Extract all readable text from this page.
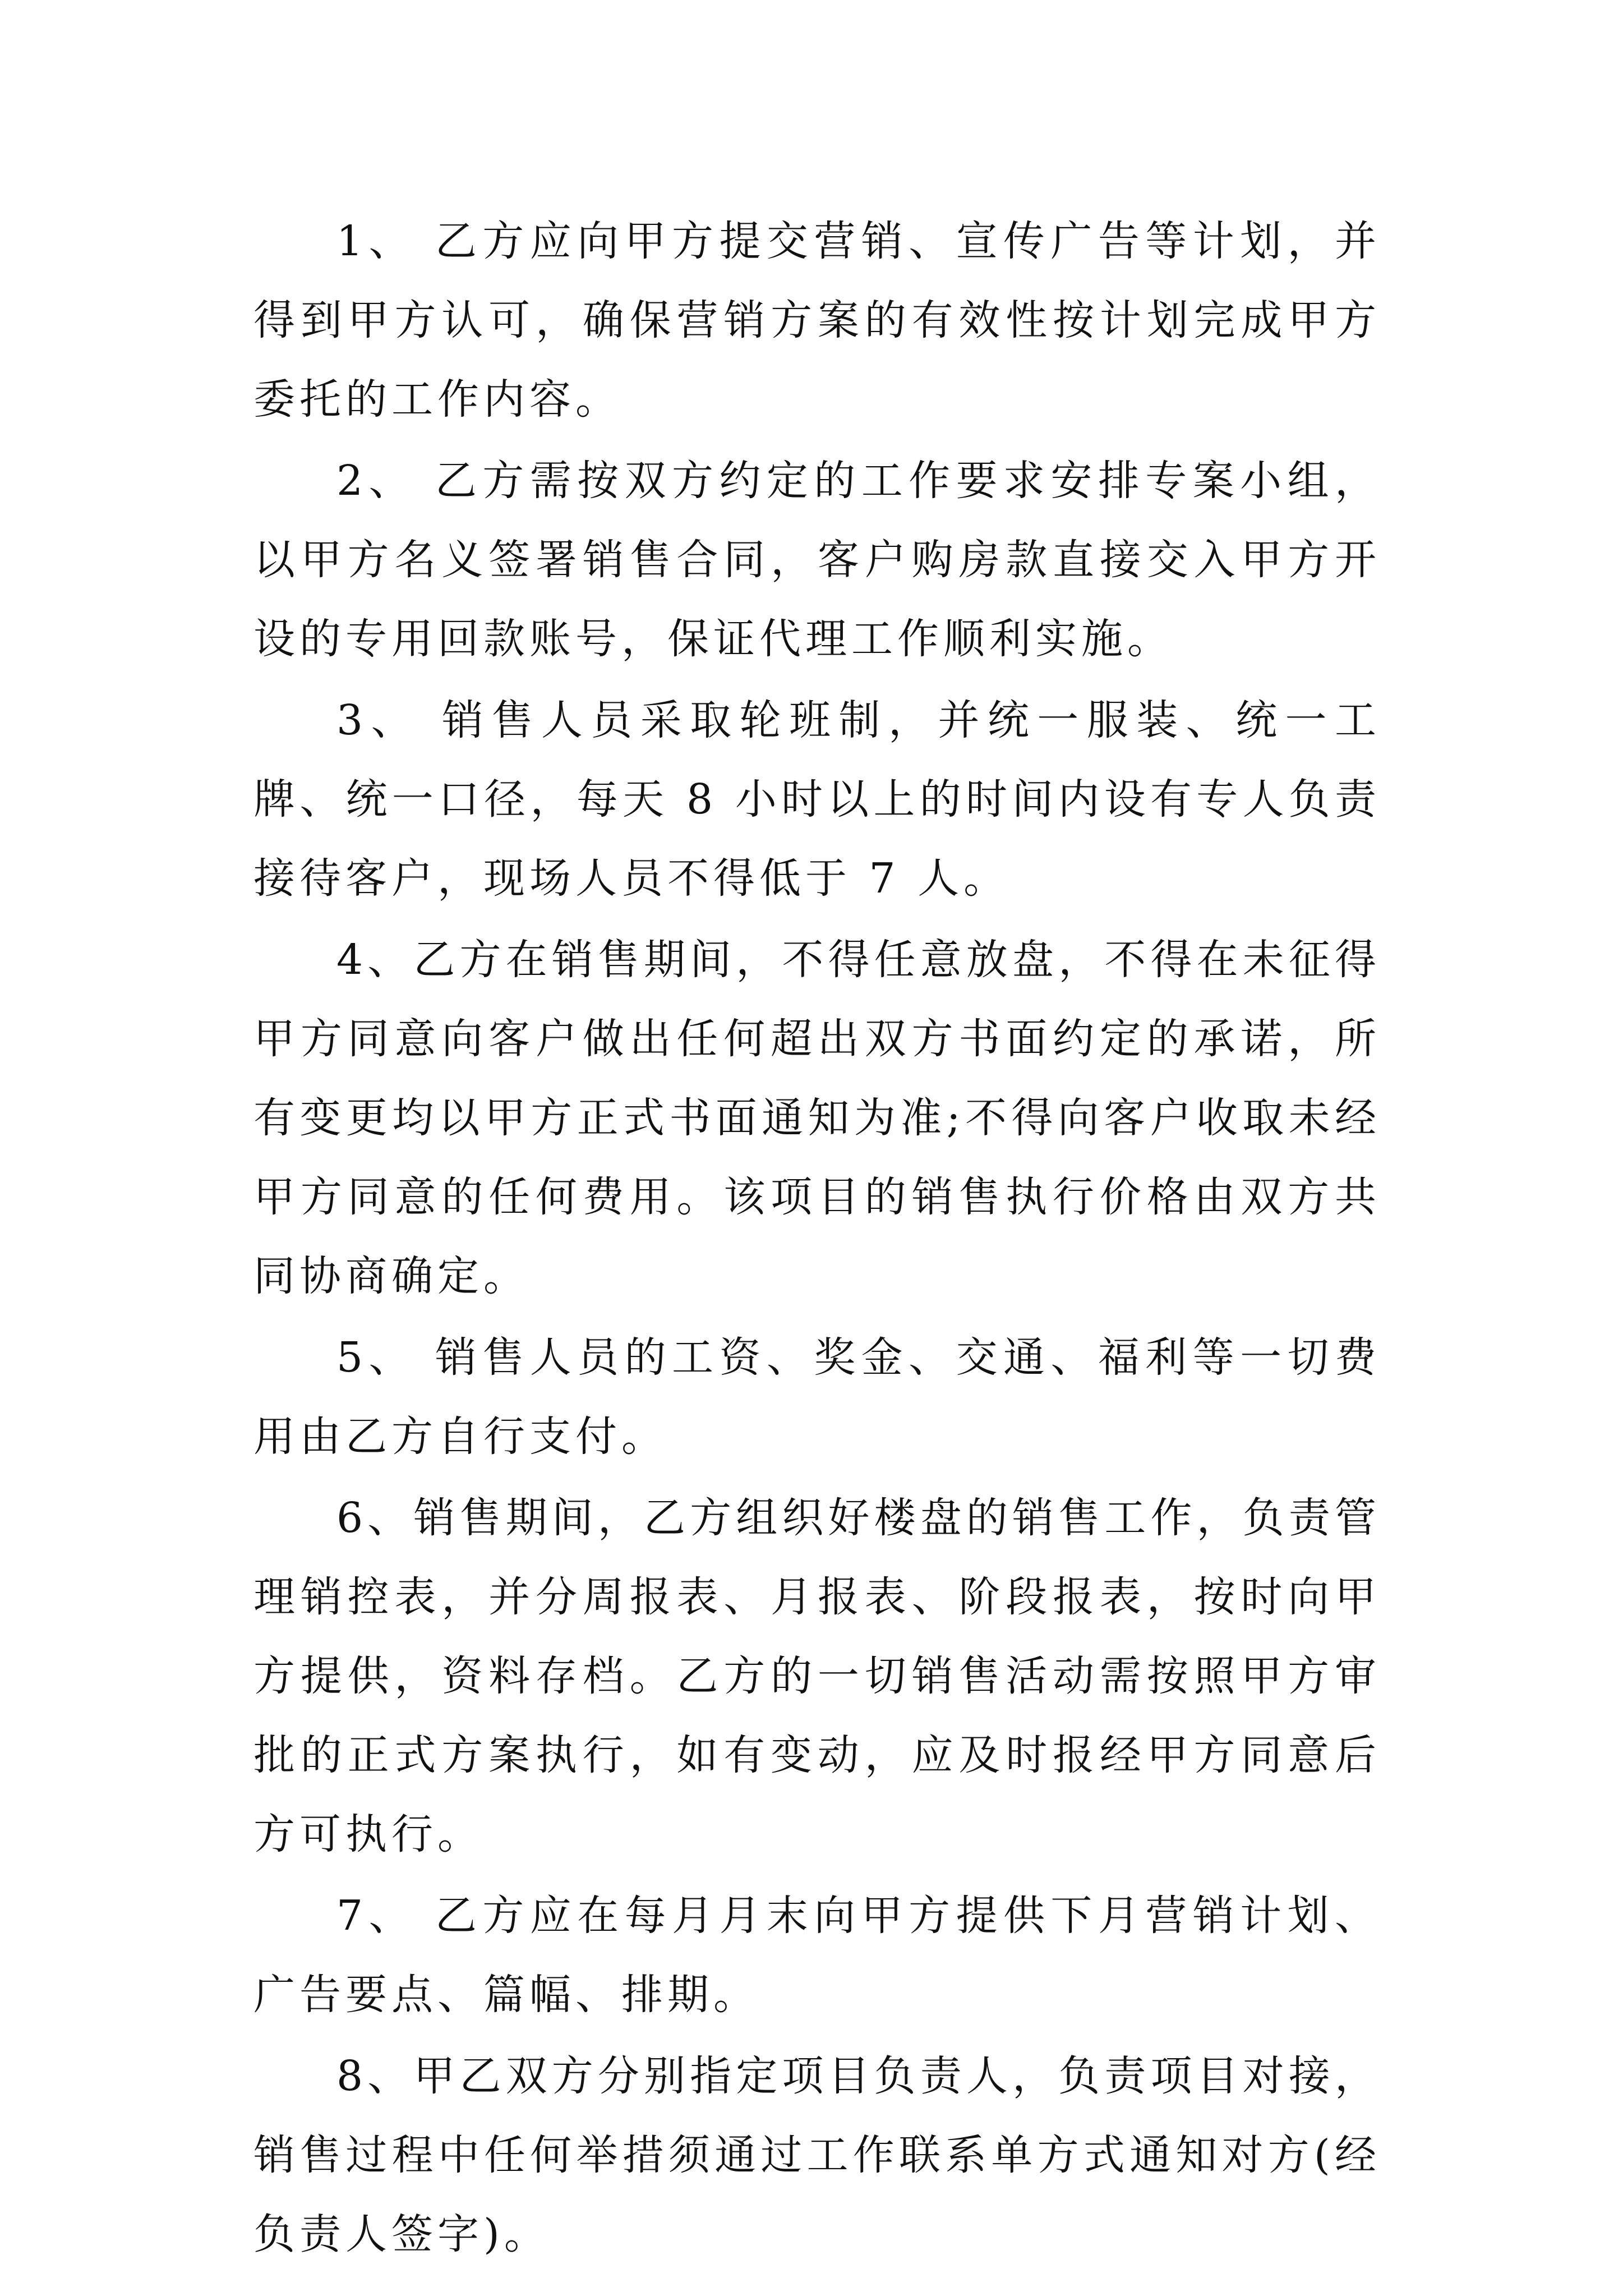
1、 乙方应向甲方提交营销、宣传广告等计划，并得到甲方认可，确保营销方案的有效性按计划完成甲方委托的工作内容。

2、 乙方需按双方约定的工作要求安排专案小组，以甲方名义签署销售合同，客户购房款直接交入甲方开设的专用回款账号，保证代理工作顺利实施。

3、 销售人员采取轮班制，并统一服装、统一工牌、统一口径，每天 8 小时以上的时间内设有专人负责接待客户，现场人员不得低于 7 人。

4、乙方在销售期间，不得任意放盘，不得在未征得甲方同意向客户做出任何超出双方书面约定的承诺，所有变更均以甲方正式书面通知为准;不得向客户收取未经甲方同意的任何费用。该项目的销售执行价格由双方共同协商确定。

5、 销售人员的工资、奖金、交通、福利等一切费用由乙方自行支付。

6、销售期间，乙方组织好楼盘的销售工作，负责管理销控表，并分周报表、月报表、阶段报表，按时向甲方提供，资料存档。乙方的一切销售活动需按照甲方审批的正式方案执行，如有变动，应及时报经甲方同意后方可执行。

7、 乙方应在每月月末向甲方提供下月营销计划、广告要点、篇幅、排期。

8、甲乙双方分别指定项目负责人，负责项目对接，销售过程中任何举措须通过工作联系单方式通知对方(经负责人签字)。
